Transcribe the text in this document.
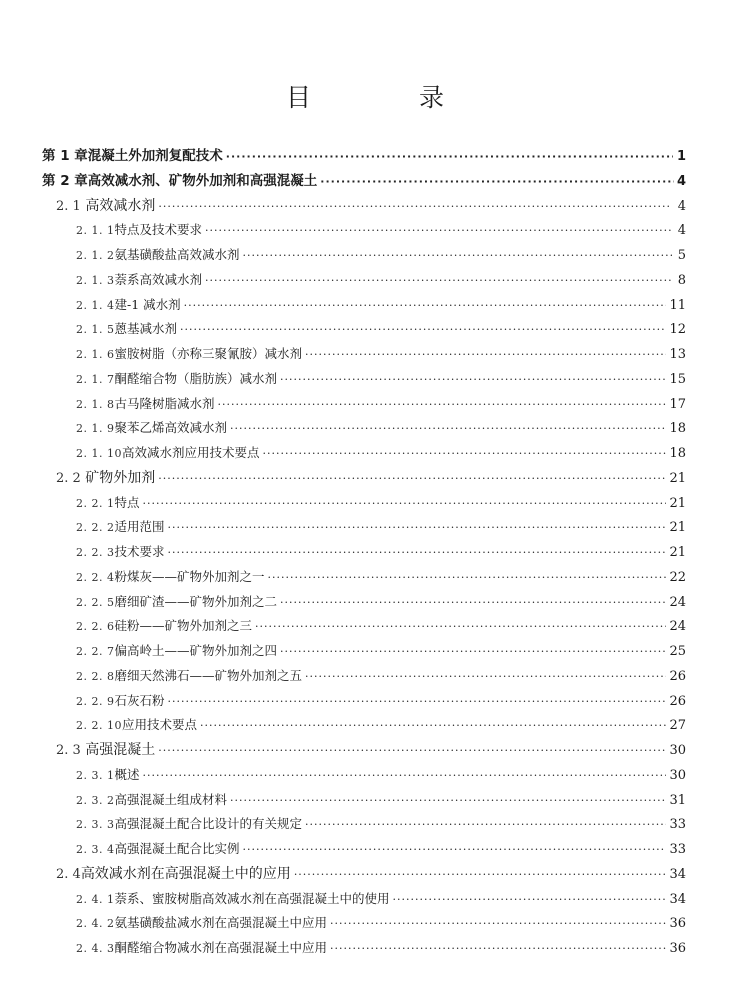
目 录
第 1 章 混凝土外加剂复配技术 ·····	1
第 2 章 高效减水剂、矿物外加剂和高强混凝土 ·····	4
2. 1 高效减水剂 ·····	4
2. 1. 1 特点及技术要求 ·····	4
2. 1. 2 氨基磺酸盐高效减水剂 ·····	5
2. 1. 3 萘系高效减水剂 ·····	8
2. 1. 4 建-1 减水剂 ·····	11
2. 1. 5 蒽基减水剂 ·····	12
2. 1. 6 蜜胺树脂（亦称三聚氰胺）减水剂 ·····	13
2. 1. 7 酮醛缩合物（脂肪族）减水剂 ·····	15
2. 1. 8 古马隆树脂减水剂 ·····	17
2. 1. 9 聚苯乙烯高效减水剂 ·····	18
2. 1. 10 高效减水剂应用技术要点 ·····	18
2. 2 矿物外加剂 ·····	21
2. 2. 1 特点 ·····	21
2. 2. 2 适用范围 ·····	21
2. 2. 3 技术要求 ·····	21
2. 2. 4 粉煤灰——矿物外加剂之一 ·····	22
2. 2. 5 磨细矿渣——矿物外加剂之二 ·····	24
2. 2. 6 硅粉——矿物外加剂之三 ·····	24
2. 2. 7 偏高岭土——矿物外加剂之四 ·····	25
2. 2. 8 磨细天然沸石——矿物外加剂之五 ·····	26
2. 2. 9 石灰石粉 ·····	26
2. 2. 10 应用技术要点 ·····	27
2. 3 高强混凝土 ·····	30
2. 3. 1 概述 ·····	30
2. 3. 2 高强混凝土组成材料 ·····	31
2. 3. 3 高强混凝土配合比设计的有关规定 ·····	33
2. 3. 4 高强混凝土配合比实例 ·····	33
2. 4 高效减水剂在高强混凝土中的应用 ·····	34
2. 4. 1 萘系、蜜胺树脂高效减水剂在高强混凝土中的使用 ·····	34
2. 4. 2 氨基磺酸盐减水剂在高强混凝土中应用 ·····	36
2. 4. 3 酮醛缩合物减水剂在高强混凝土中应用 ·····	36
